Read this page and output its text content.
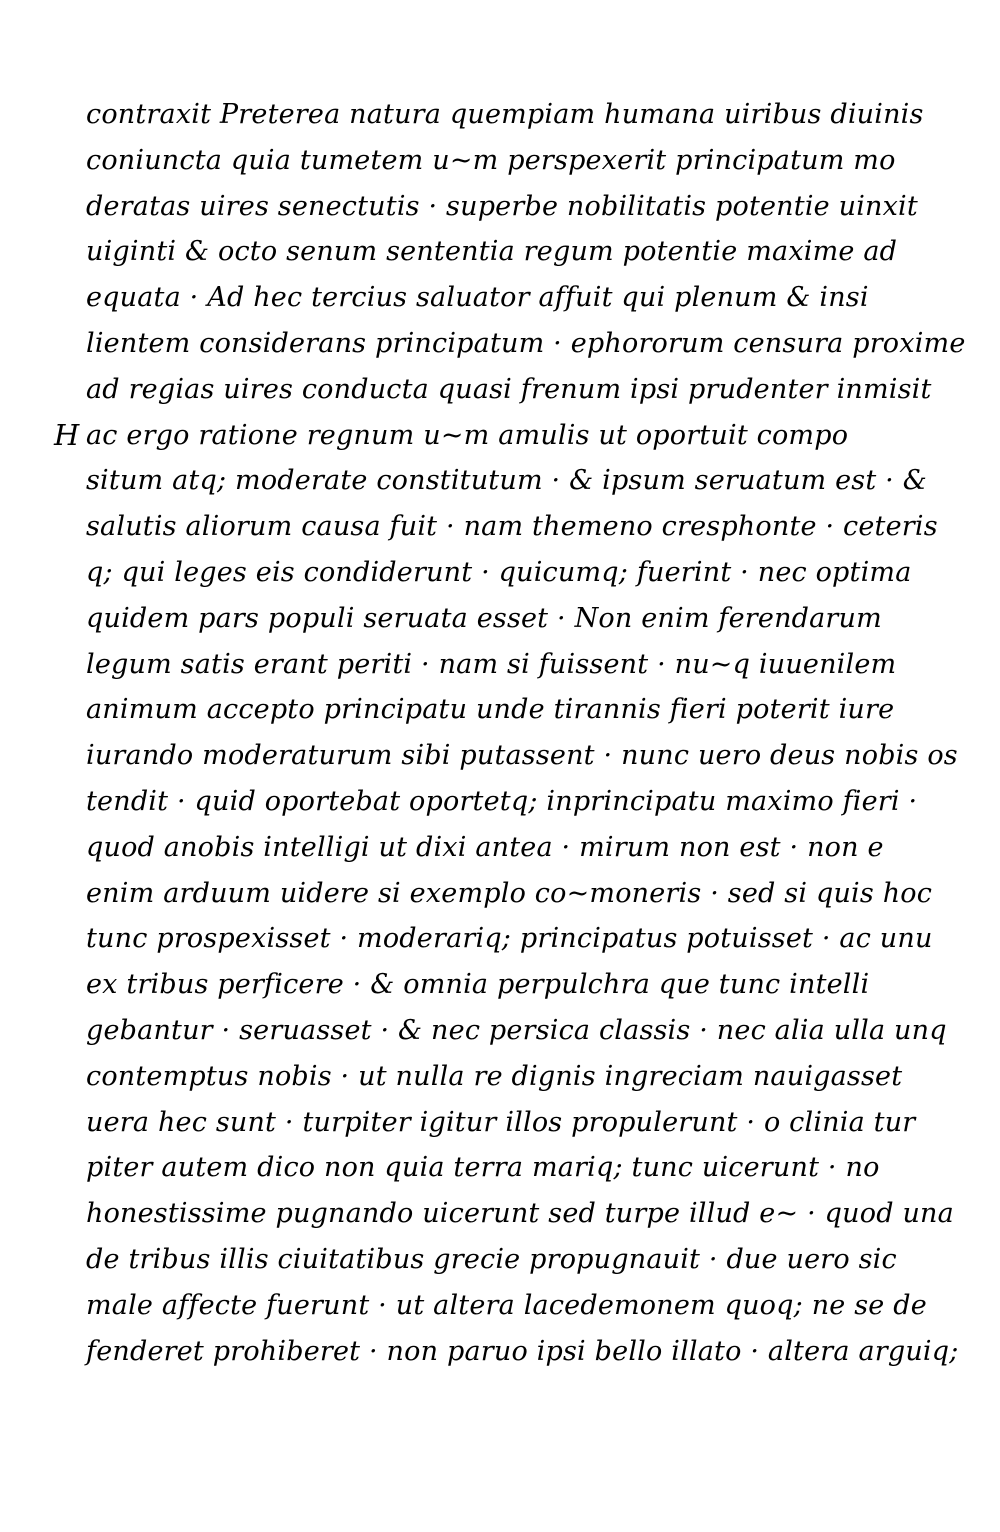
contraxit Preterea natura quempiam humana uiribus diuinis
coniuncta quia tumetem u~m perspexerit principatum mo
deratas uires senectutis · superbe nobilitatis potentie uinxit
uiginti & octo senum sententia regum potentie maxime ad
equata · Ad hec tercius saluator affuit qui plenum & insi
lientem considerans principatum · ephororum censura proxime
ad regias uires conducta quasi frenum ipsi prudenter inmisit
H ac ergo ratione regnum u~m amulis ut oportuit compo
situm atq; moderate constitutum · & ipsum seruatum est · &
salutis aliorum causa fuit · nam themeno cresphonte · ceteris
q; qui leges eis condiderunt · quicumq; fuerint · nec optima
quidem pars populi seruata esset · Non enim ferendarum
legum satis erant periti · nam si fuissent · nu~q iuuenilem
animum accepto principatu unde tirannis fieri poterit iure
iurando moderaturum sibi putassent · nunc uero deus nobis os
tendit · quid oportebat oportetq; inprincipatu maximo fieri ·
quod anobis intelligi ut dixi antea · mirum non est · non e
enim arduum uidere si exemplo co~moneris · sed si quis hoc
tunc prospexisset · moderariq; principatus potuisset · ac unu
ex tribus perficere · & omnia perpulchra que tunc intelli
gebantur · seruasset · & nec persica classis · nec alia ulla unq
contemptus nobis · ut nulla re dignis ingreciam nauigasset
uera hec sunt · turpiter igitur illos propulerunt · o clinia tur
piter autem dico non quia terra mariq; tunc uicerunt · no
honestissime pugnando uicerunt sed turpe illud e~ · quod una
de tribus illis ciuitatibus grecie propugnauit · due uero sic
male affecte fuerunt · ut altera lacedemonem quoq; ne se de
fenderet prohiberet · non paruo ipsi bello illato · altera arguiq;
